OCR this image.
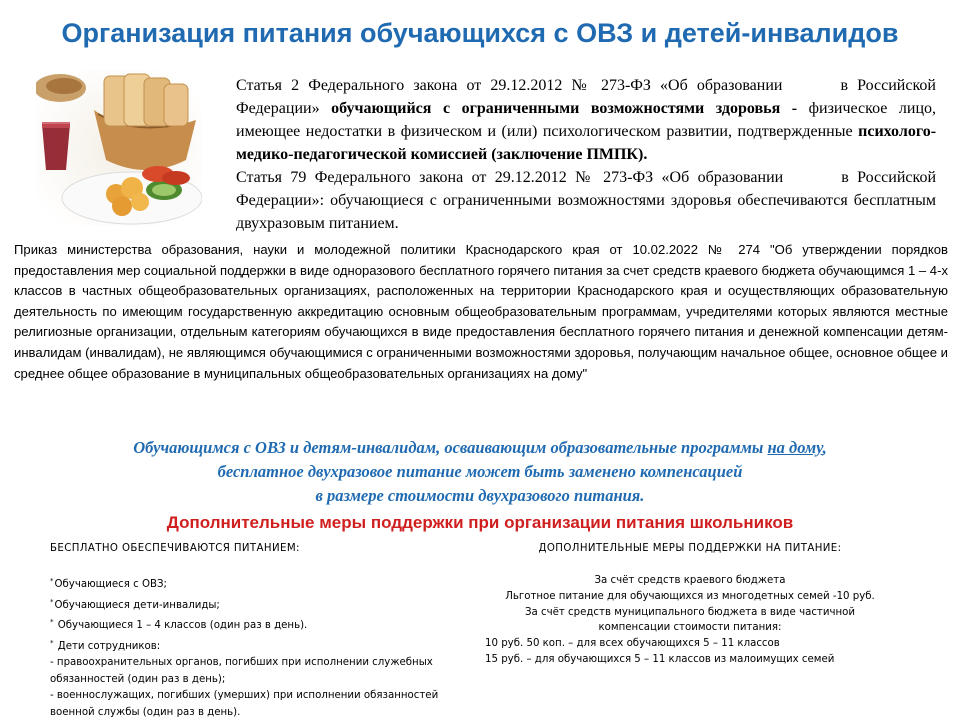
Организация питания обучающихся с ОВЗ и детей-инвалидов

Статья 2 Федерального закона от 29.12.2012 № 273-ФЗ «Об образовании	в Российской Федерации» обучающийся с ограниченными возможностями здоровья - физическое лицо, имеющее недостатки в физическом и (или) психологическом развитии, подтвержденные психолого-медико-педагогической комиссией (заключение ПМПК).

Статья 79 Федерального закона от 29.12.2012 № 273-ФЗ «Об образовании	в Российской Федерации»: обучающиеся с ограниченными возможностями здоровья обеспечиваются бесплатным двухразовым питанием.

Приказ министерства образования, науки и молодежной политики Краснодарского края от 10.02.2022 № 274 "Об утверждении порядков предоставления мер социальной поддержки в виде одноразового бесплатного горячего питания за счет средств краевого бюджета обучающимся 1 – 4-х классов в частных общеобразовательных организациях, расположенных на территории Краснодарского края и осуществляющих образовательную деятельность по имеющим государственную аккредитацию основным общеобразовательным программам, учредителями которых являются местные религиозные организации, отдельным категориям обучающихся в виде предоставления бесплатного горячего питания и денежной компенсации детям-инвалидам (инвалидам), не являющимся обучающимися с ограниченными возможностями здоровья, получающим начальное общее, основное общее и среднее общее образование в муниципальных общеобразовательных организациях на дому"
Обучающимся с ОВЗ и детям-инвалидам, осваивающим образовательные программы на дому,
бесплатное двухразовое питание может быть заменено компенсацией
в размере стоимости двухразового питания.
Дополнительные меры поддержки при организации питания школьников
БЕСПЛАТНО ОБЕСПЕЧИВАЮТСЯ ПИТАНИЕМ:
*Обучающиеся с ОВЗ;
*Обучающиеся дети-инвалиды;
* Обучающиеся 1 – 4 классов (один раз в день).
* Дети сотрудников:
- правоохранительных органов, погибших при исполнении служебных
обязанностей (один раз в день);
- военнослужащих, погибших (умерших) при исполнении обязанностей
военной службы (один раз в день).
ДОПОЛНИТЕЛЬНЫЕ МЕРЫ ПОДДЕРЖКИ НА ПИТАНИЕ:
За счёт средств краевого бюджета
Льготное питание для обучающихся из многодетных семей -10 руб.
За счёт средств муниципального бюджета в виде частичной
компенсации стоимости питания:
10 руб. 50 коп. – для всех обучающихся 5 – 11 классов
15 руб. – для обучающихся 5 – 11 классов из малоимущих семей
